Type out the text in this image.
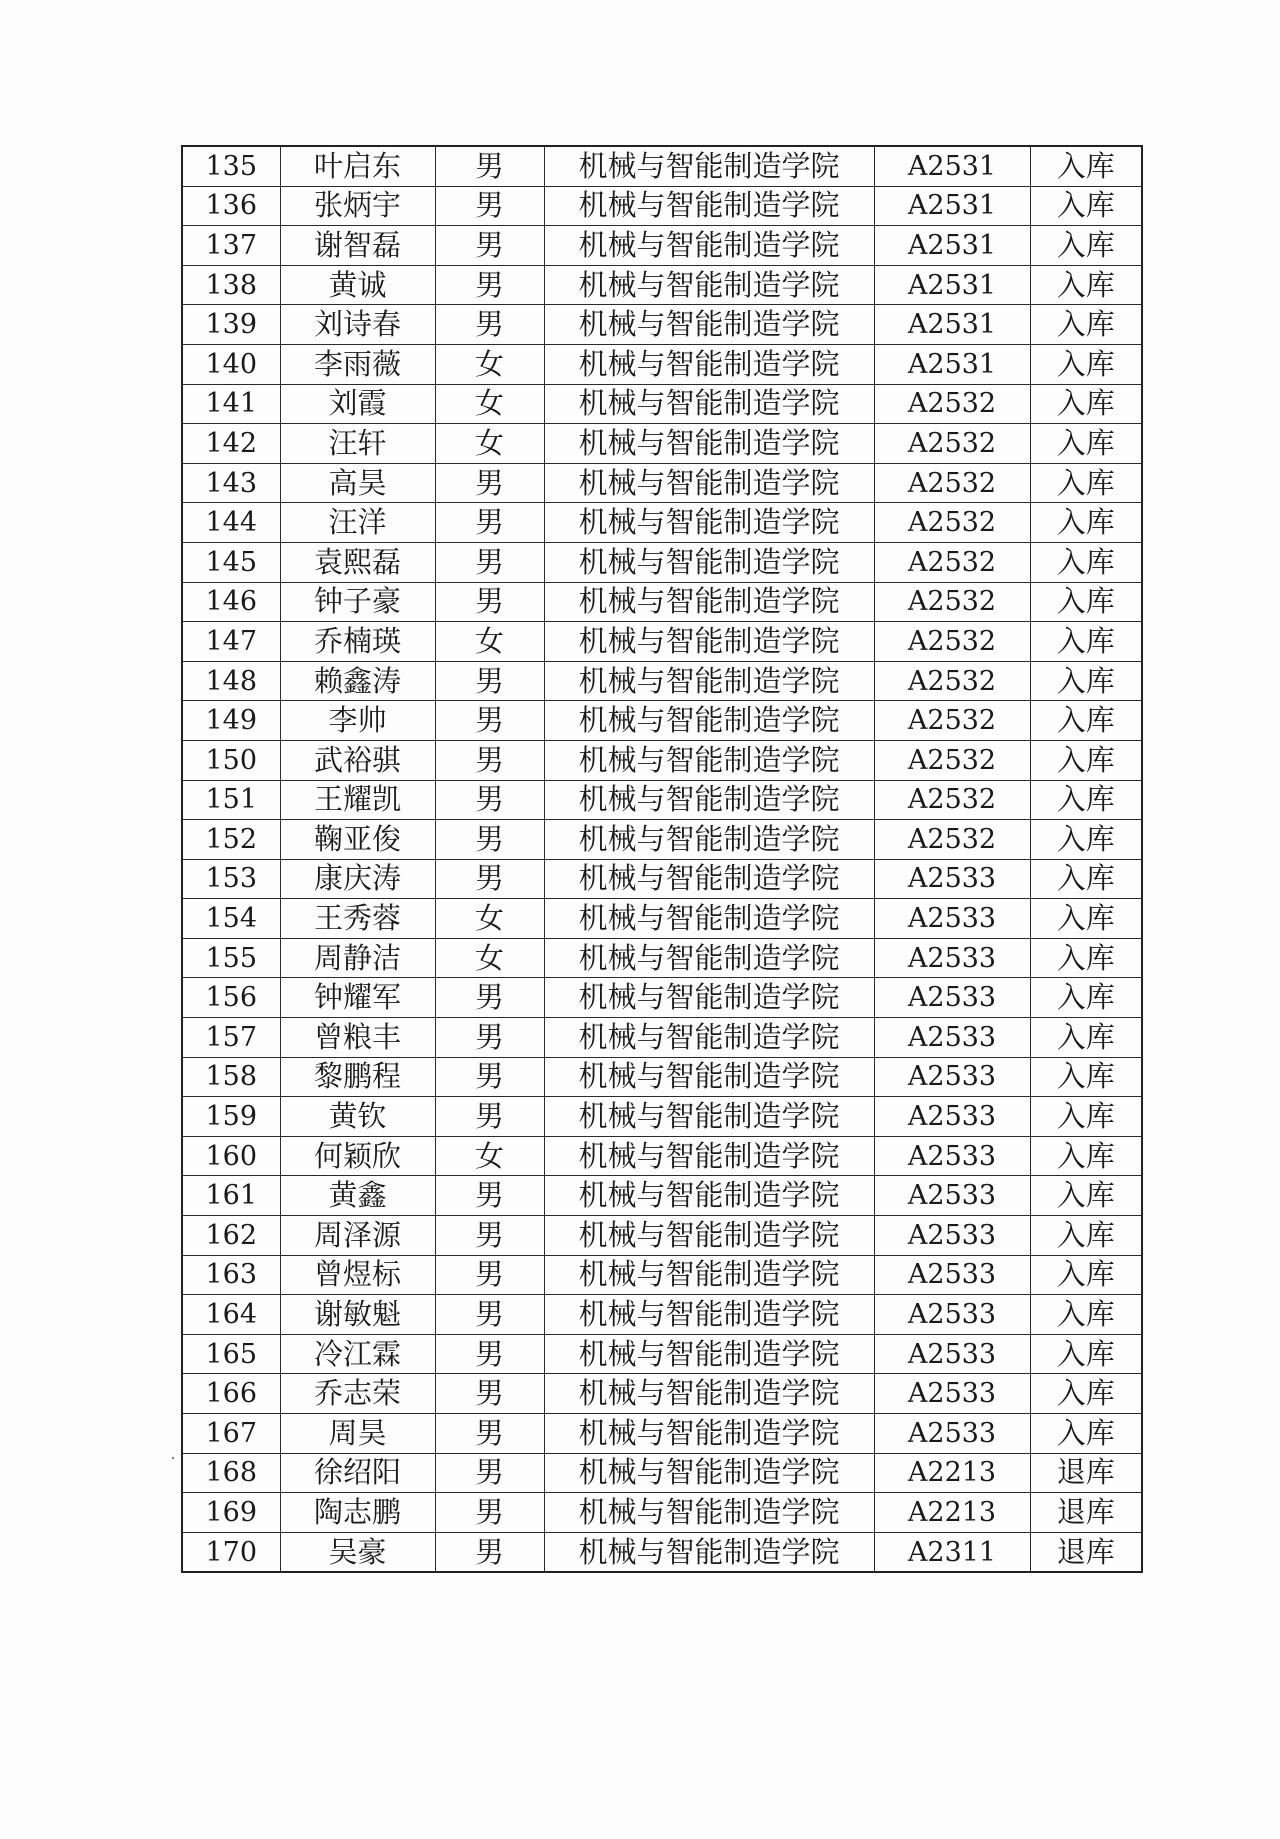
135	叶启东	男	机械与智能制造学院	A2531	入库
136	张炳宇	男	机械与智能制造学院	A2531	入库
137	谢智磊	男	机械与智能制造学院	A2531	入库
138	黄诚	男	机械与智能制造学院	A2531	入库
139	刘诗春	男	机械与智能制造学院	A2531	入库
140	李雨薇	女	机械与智能制造学院	A2531	入库
141	刘霞	女	机械与智能制造学院	A2532	入库
142	汪轩	女	机械与智能制造学院	A2532	入库
143	高昊	男	机械与智能制造学院	A2532	入库
144	汪洋	男	机械与智能制造学院	A2532	入库
145	袁熙磊	男	机械与智能制造学院	A2532	入库
146	钟子豪	男	机械与智能制造学院	A2532	入库
147	乔楠瑛	女	机械与智能制造学院	A2532	入库
148	赖鑫涛	男	机械与智能制造学院	A2532	入库
149	李帅	男	机械与智能制造学院	A2532	入库
150	武裕骐	男	机械与智能制造学院	A2532	入库
151	王耀凯	男	机械与智能制造学院	A2532	入库
152	鞠亚俊	男	机械与智能制造学院	A2532	入库
153	康庆涛	男	机械与智能制造学院	A2533	入库
154	王秀蓉	女	机械与智能制造学院	A2533	入库
155	周静洁	女	机械与智能制造学院	A2533	入库
156	钟耀军	男	机械与智能制造学院	A2533	入库
157	曾粮丰	男	机械与智能制造学院	A2533	入库
158	黎鹏程	男	机械与智能制造学院	A2533	入库
159	黄钦	男	机械与智能制造学院	A2533	入库
160	何颖欣	女	机械与智能制造学院	A2533	入库
161	黄鑫	男	机械与智能制造学院	A2533	入库
162	周泽源	男	机械与智能制造学院	A2533	入库
163	曾煜标	男	机械与智能制造学院	A2533	入库
164	谢敏魁	男	机械与智能制造学院	A2533	入库
165	冷江霖	男	机械与智能制造学院	A2533	入库
166	乔志荣	男	机械与智能制造学院	A2533	入库
167	周昊	男	机械与智能制造学院	A2533	入库
168	徐绍阳	男	机械与智能制造学院	A2213	退库
169	陶志鹏	男	机械与智能制造学院	A2213	退库
170	吴豪	男	机械与智能制造学院	A2311	退库
